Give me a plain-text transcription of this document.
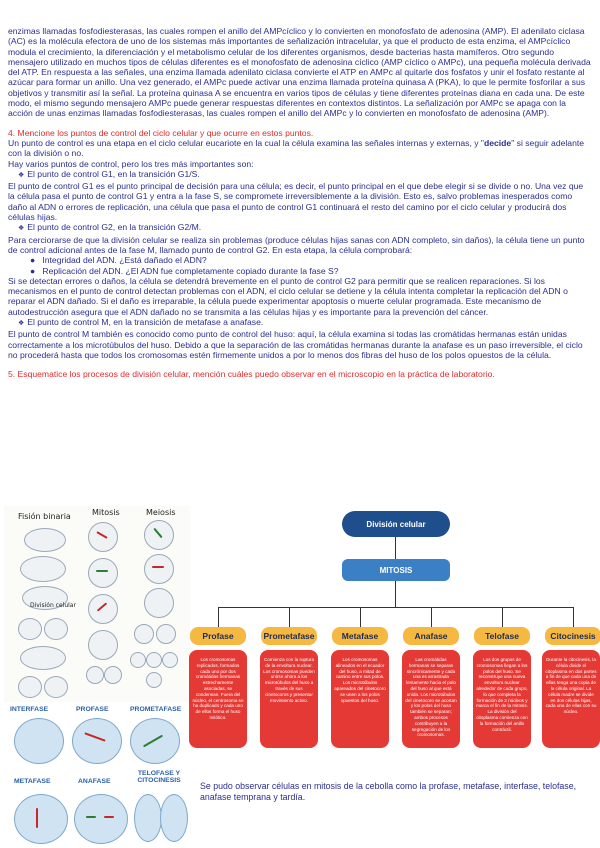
enzimas llamadas fosfodiesterasas, las cuales rompen el anillo del AMPcíclico y lo convierten en monofosfato de adenosina (AMP). El adenilato ciclasa (AC) es la molécula efectora de uno de los sistemas más importantes de señalización intracelular, ya que el producto de esta enzima, el AMPcíclico modula el crecimiento, la diferenciación y el metabolismo celular de los diferentes organismos, desde bacterias hasta mamíferos. Otro segundo mensajero utilizado en muchos tipos de células diferentes es el monofosfato de adenosina cíclico (AMP cíclico o AMPc), una pequeña molécula derivada del ATP. En respuesta a las señales, una enzima llamada adenilato ciclasa convierte el ATP en AMPc al quitarle dos fosfatos y unir el fosfato restante al azúcar para formar un anillo. Una vez generado, el AMPc puede activar una enzima llamada proteína quinasa A (PKA), lo que le permite fosforilar a sus objetivos y transmitir así la señal. La proteína quinasa A se encuentra en varios tipos de células y tiene diferentes proteínas diana en cada una. De este modo, el mismo segundo mensajero AMPc puede generar respuestas diferentes en contextos distintos. La señalización por AMPc se apaga con la acción de unas enzimas llamadas fosfodiesterasas, las cuales rompen el anillo del AMPc y lo convierten en monofosfato de adenosina (AMP).

4. Mencione los puntos de control del ciclo celular y que ocurre en estos puntos.

Un punto de control es una etapa en el ciclo celular eucariote en la cual la célula examina las señales internas y externas, y "decide" si seguir adelante con la división o no.

Hay varios puntos de control, pero los tres más importantes son:

❖ El punto de control G1, en la transición G1/S.

El punto de control G1 es el punto principal de decisión para una célula; es decir, el punto principal en el que debe elegir si se divide o no. Una vez que la célula pasa el punto de control G1 y entra a la fase S, se compromete irreversiblemente a la división. Esto es, salvo problemas inesperados como daño al ADN o errores de replicación, una célula que pasa el punto de control G1 continuará el resto del camino por el ciclo celular y producirá dos células hijas.

❖ El punto de control G2, en la transición G2/M.

Para cerciorarse de que la división celular se realiza sin problemas (produce células hijas sanas con ADN completo, sin daños), la célula tiene un punto de control adicional antes de la fase M, llamado punto de control G2. En esta etapa, la célula comprobará:

●   Integridad del ADN. ¿Está dañado el ADN?

●   Replicación del ADN. ¿El ADN fue completamente copiado durante la fase S?

Si se detectan errores o daños, la célula se detendrá brevemente en el punto de control G2 para permitir que se realicen reparaciones. Si los mecanismos en el punto de control detectan problemas con el ADN, el ciclo celular se detiene y la célula intenta completar la replicación del ADN o reparar el ADN dañado. Si el daño es irreparable, la célula puede experimentar apoptosis o muerte celular programada. Este mecanismo de autodestrucción asegura que el ADN dañado no se transmita a las células hijas y es importante para la prevención del cáncer.

❖ El punto de control M, en la transición de metafase a anafase.

El punto de control M también es conocido como punto de control del huso: aquí, la célula examina si todas las cromátidas hermanas están unidas correctamente a los microtúbulos del huso. Debido a que la separación de las cromátidas hermanas durante la anafase es un paso irreversible, el ciclo no procederá hasta que todos los cromosomas estén firmemente unidos a por lo menos dos fibras del huso de los polos opuestos de la célula.

5. Esquematice los procesos de división celular, mención cuáles puedo observar en el microscopio en la práctica de laboratorio.

Fisión binaria	Mitosis	Meiosis
División celular
INTERFASE	PROFASE	PROMETAFASE
METAFASE	ANAFASE
TELOFASE Y CITOCINESIS
División celular
MITOSIS
Profase	Prometafase	Metafase	Anafase	Telofase	Citocinesis
Los cromosomas replicados, formados cada uno por dos cromátidas hermanas estrechamente asociadas, se condensan. Fuera del núcleo, el centrosoma se ha duplicado y cada uno de ellos forma el huso mitótico.
Comienza con la ruptura de la envoltura nuclear. Los cromosomas pueden unirse ahora a los microtúbulos del huso a través de sus cinetocoros y presentar movimiento activo.
Los cromosomas alineados en el ecuador del huso, a mitad de camino entre sus polos. Los microtúbulos apareados del cinetocoro se unen a los polos opuestos del huso.
Las cromátidas hermanas se separan sincrónicamente y cada una es arrastrada lentamente hacia el polo del huso al que está unida. Los microtúbulos del cinetocoro se acortan y los polos del huso también se separan; ambos procesos contribuyen a la segregación de los cromosomas.
Los dos grupos de cromosomas llegan a los polos del huso. Se reconstruye una nueva envoltura nuclear alrededor de cada grupo, lo que completa la formación de 2 núcleos y marca el fin de la mitosis. La división del citoplasma comienza con la formación del anillo contráctil.
Durante la citocinesis, la célula divide el citoplasma en dos partes a fin de que cada una de ellas tenga una copia de la célula original. La célula madre se divide en dos células hijas, cada una de ellas con su núcleo.

Se pudo observar células en mitosis de la cebolla como la profase, metafase, interfase, telofase, anafase temprana y tardía.
